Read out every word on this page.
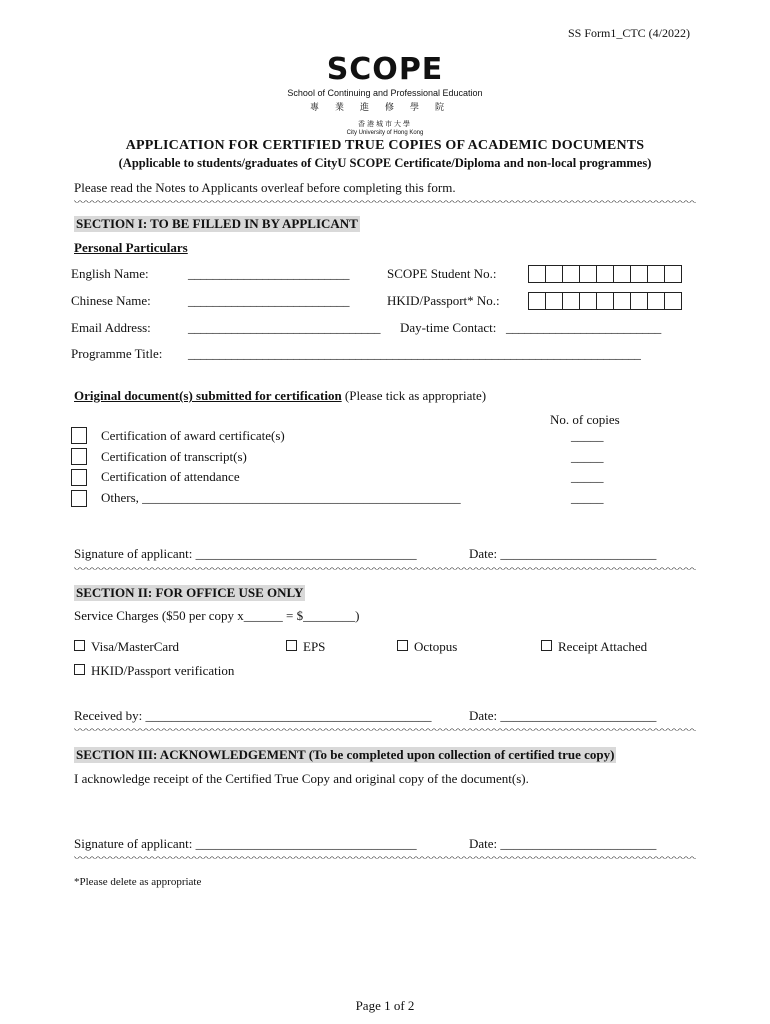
SS Form1_CTC (4/2022)
SCOPE
School of Continuing and Professional Education
專業進修學院
香港城市大學
City University of Hong Kong
APPLICATION FOR CERTIFIED TRUE COPIES OF ACADEMIC DOCUMENTS
(Applicable to students/graduates of CityU SCOPE Certificate/Diploma and non-local programmes)
Please read the Notes to Applicants overleaf before completing this form.
SECTION I: TO BE FILLED IN BY APPLICANT
Personal Particulars
English Name:	__________________________	SCOPE Student No.:
Chinese Name:	__________________________	HKID/Passport* No.:
Email Address:	_______________________________ Day-time Contact: _________________________
Programme Title: _________________________________________________________________________
Original document(s) submitted for certification (Please tick as appropriate)
No. of copies
Certification of award certificate(s)	_____
Certification of transcript(s)	_____
Certification of attendance	_____
Others, _________________________________________________	_____
Signature of applicant: __________________________________	Date: ________________________
SECTION II: FOR OFFICE USE ONLY
Service Charges ($50 per copy x______ = $________)
Visa/MasterCard	EPS	Octopus	Receipt Attached
HKID/Passport verification
Received by: ____________________________________________	Date: ________________________
SECTION III: ACKNOWLEDGEMENT (To be completed upon collection of certified true copy)
I acknowledge receipt of the Certified True Copy and original copy of the document(s).
Signature of applicant: __________________________________	Date: ________________________
*Please delete as appropriate
Page 1 of 2
